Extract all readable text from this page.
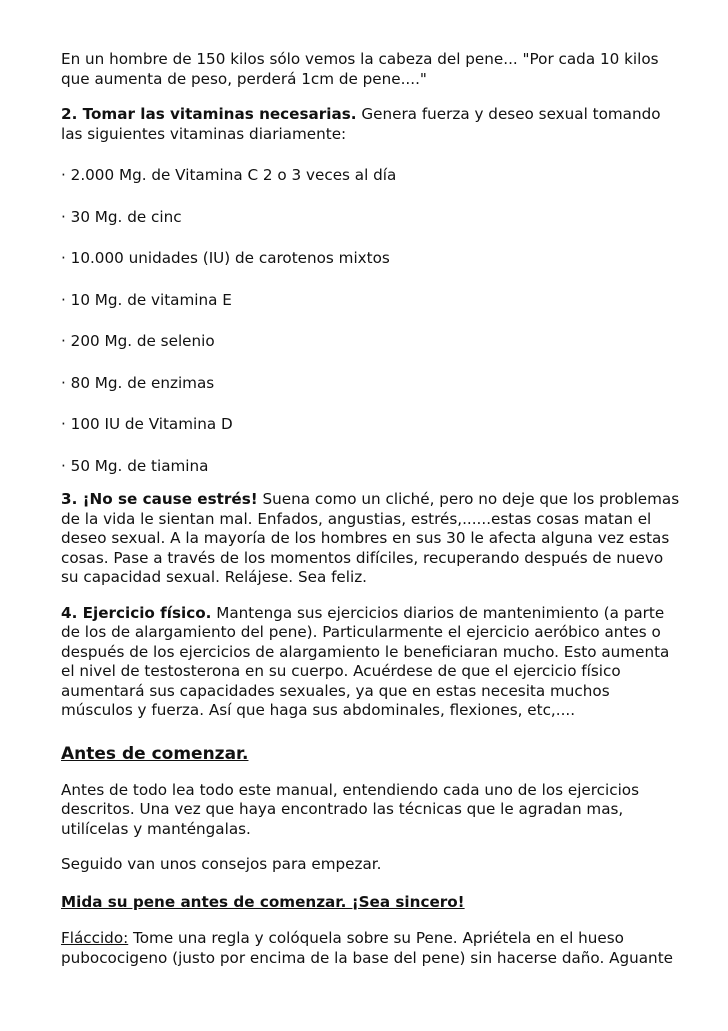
En un hombre de 150 kilos sólo vemos la cabeza del pene... "Por cada 10 kilos que aumenta de peso, perderá 1cm de pene...."

2. Tomar las vitaminas necesarias. Genera fuerza y deseo sexual tomando las siguientes vitaminas diariamente:

· 2.000 Mg. de Vitamina C 2 o 3 veces al día

· 30 Mg. de cinc

· 10.000 unidades (IU) de carotenos mixtos

· 10 Mg. de vitamina E

· 200 Mg. de selenio

· 80 Mg. de enzimas

· 100 IU de Vitamina D

· 50 Mg. de tiamina

3. ¡No se cause estrés! Suena como un cliché, pero no deje que los problemas de la vida le sientan mal. Enfados, angustias, estrés,......estas cosas matan el deseo sexual. A la mayoría de los hombres en sus 30 le afecta alguna vez estas cosas. Pase a través de los momentos difíciles, recuperando después de nuevo su capacidad sexual. Relájese. Sea feliz.

4. Ejercicio físico. Mantenga sus ejercicios diarios de mantenimiento (a parte de los de alargamiento del pene). Particularmente el ejercicio aeróbico antes o después de los ejercicios de alargamiento le beneficiaran mucho. Esto aumenta el nivel de testosterona en su cuerpo. Acuérdese de que el ejercicio físico aumentará sus capacidades sexuales, ya que en estas necesita muchos músculos y fuerza. Así que haga sus abdominales, flexiones, etc,....

Antes de comenzar.

Antes de todo lea todo este manual, entendiendo cada uno de los ejercicios descritos. Una vez que haya encontrado las técnicas que le agradan mas, utilícelas y manténgalas.

Seguido van unos consejos para empezar.

Mida su pene antes de comenzar. ¡Sea sincero!

Fláccido: Tome una regla y colóquela sobre su Pene. Apriételа en el hueso pubococigeno (justo por encima de la base del pene) sin hacerse daño. Aguante
